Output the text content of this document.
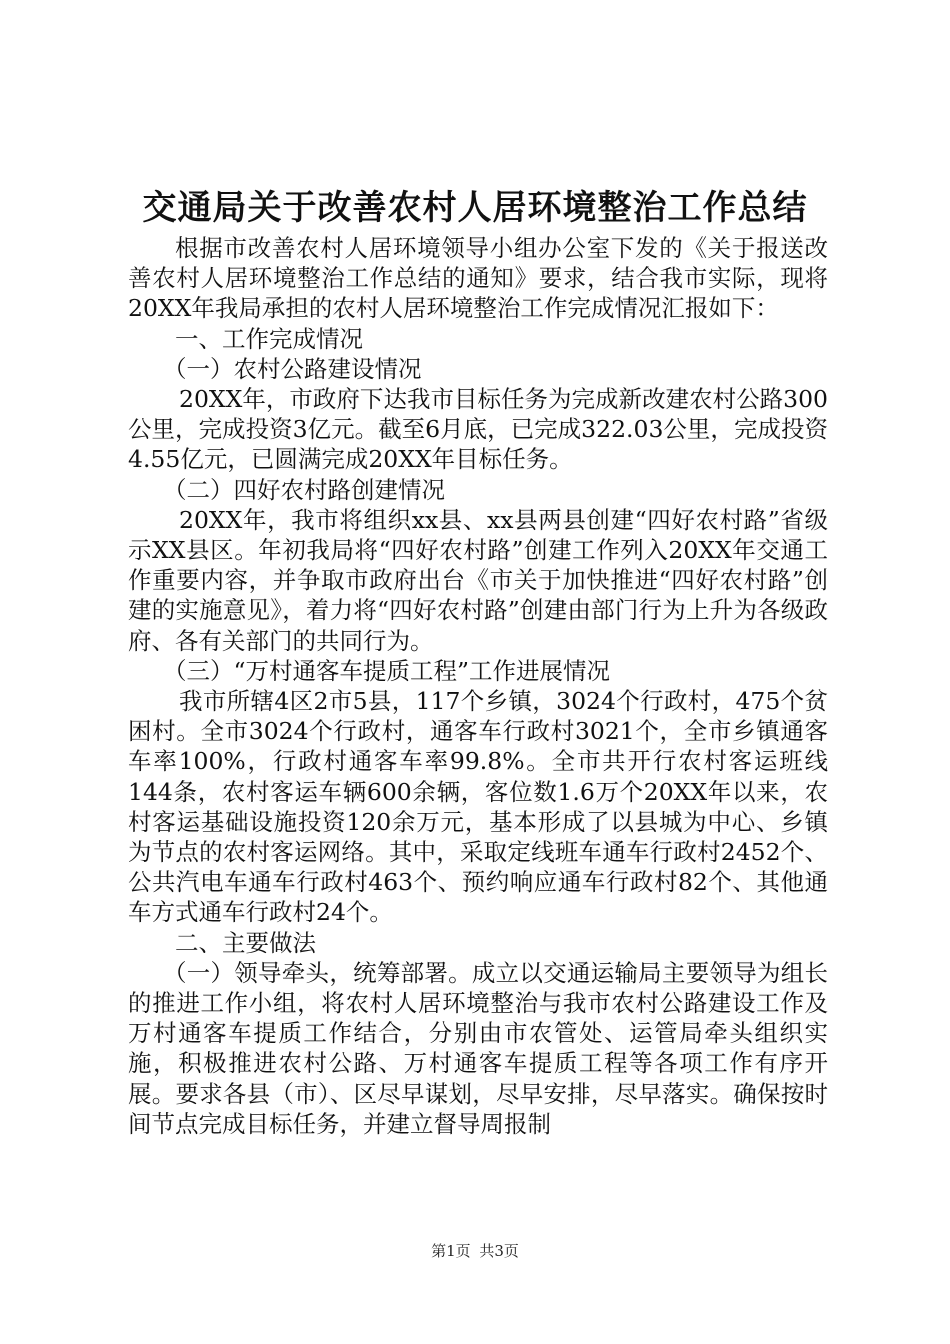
交通局关于改善农村人居环境整治工作总结

根据市改善农村人居环境领导小组办公室下发的《关于报送改善农村人居环境整治工作总结的通知》要求，结合我市实际，现将20XX年我局承担的农村人居环境整治工作完成情况汇报如下：

一、工作完成情况

（一）农村公路建设情况

20XX年，市政府下达我市目标任务为完成新改建农村公路300公里，完成投资3亿元。截至6月底，已完成322.03公里，完成投资4.55亿元，已圆满完成20XX年目标任务。

（二）四好农村路创建情况

20XX年，我市将组织xx县、xx县两县创建“四好农村路”省级示XX县区。年初我局将“四好农村路”创建工作列入20XX年交通工作重要内容，并争取市政府出台《市关于加快推进“四好农村路”创建的实施意见》，着力将“四好农村路”创建由部门行为上升为各级政府、各有关部门的共同行为。

（三）“万村通客车提质工程”工作进展情况

我市所辖4区2市5县，117个乡镇，3024个行政村，475个贫困村。全市3024个行政村，通客车行政村3021个，全市乡镇通客车率100%，行政村通客车率99.8%。全市共开行农村客运班线144条，农村客运车辆600余辆，客位数1.6万个20XX年以来，农村客运基础设施投资120余万元，基本形成了以县城为中心、乡镇为节点的农村客运网络。其中，采取定线班车通车行政村2452个、公共汽电车通车行政村463个、预约响应通车行政村82个、其他通车方式通车行政村24个。

二、主要做法

（一）领导牵头，统筹部署。成立以交通运输局主要领导为组长的推进工作小组，将农村人居环境整治与我市农村公路建设工作及万村通客车提质工作结合，分别由市农管处、运管局牵头组织实施，积极推进农村公路、万村通客车提质工程等各项工作有序开展。要求各县（市）、区尽早谋划，尽早安排，尽早落实。确保按时间节点完成目标任务，并建立督导周报制

第1页 共3页
